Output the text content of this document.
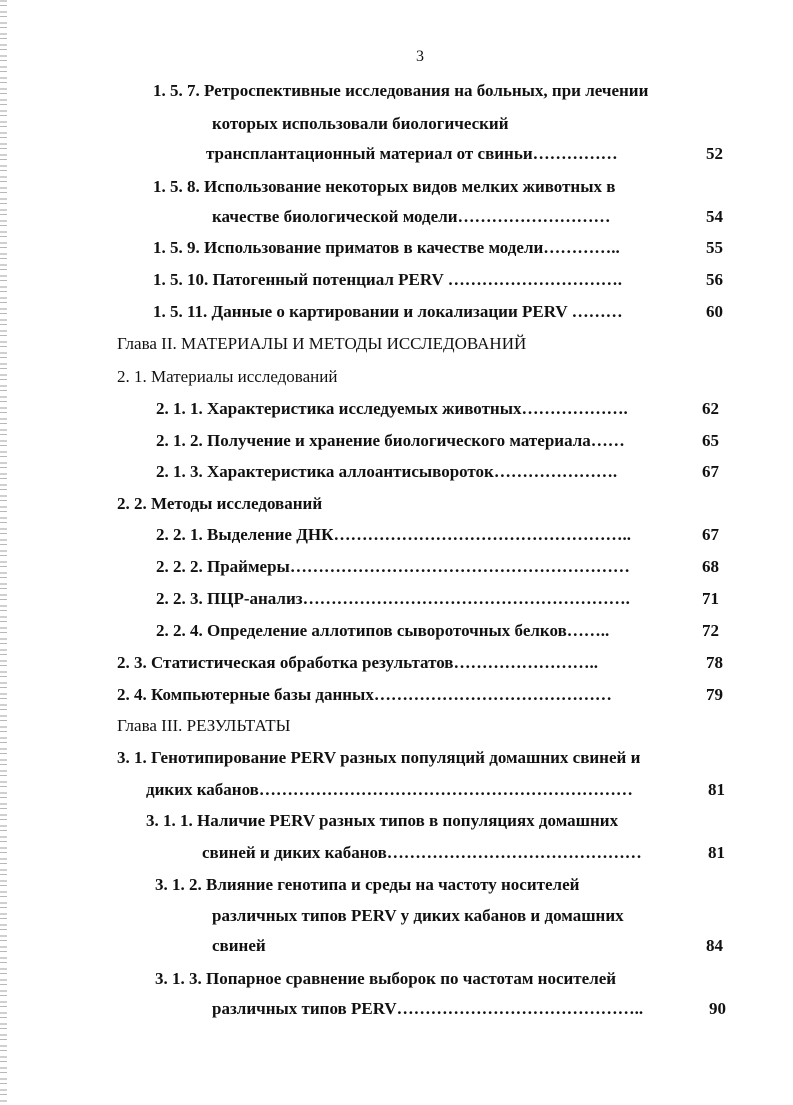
3
1. 5. 7. Ретроспективные исследования на больных, при лечении
которых использовали биологический
трансплантационный материал от свиньи……………	52
1. 5. 8. Использование некоторых видов мелких животных в
качестве биологической модели………………………	54
1. 5. 9. Использование приматов в качестве модели…………..	55
1. 5. 10. Патогенный потенциал PERV ………………………….	56
1. 5. 11. Данные о картировании и локализации PERV ………	60
Глава II. МАТЕРИАЛЫ И МЕТОДЫ ИССЛЕДОВАНИЙ
2. 1. Материалы исследований
2. 1. 1. Характеристика исследуемых животных……………….	62
2. 1. 2. Получение и хранение биологического материала……	65
2. 1. 3. Характеристика аллоантисывороток………………….	67
2. 2. Методы исследований
2. 2. 1. Выделение ДНК……………………………………………..	67
2. 2. 2. Праймеры……………………………………………………	68
2. 2. 3. ПЦР-анализ………………………………………………….	71
2. 2. 4. Определение аллотипов сывороточных белков……..	72
2. 3. Статистическая обработка результатов……………………..	78
2. 4. Компьютерные базы данных……………………………………	79
Глава III. РЕЗУЛЬТАТЫ
3. 1. Генотипирование PERV разных популяций домашних свиней и
диких кабанов…………………………………………………………	81
3. 1. 1. Наличие PERV разных типов в популяциях домашних
свиней и диких кабанов………………………………………	81
3. 1. 2. Влияние генотипа и среды на частоту носителей
различных типов PERV у диких кабанов и домашних
свиней	84
3. 1. 3. Попарное сравнение выборок по частотам носителей
различных типов PERV……………………………………..	90
